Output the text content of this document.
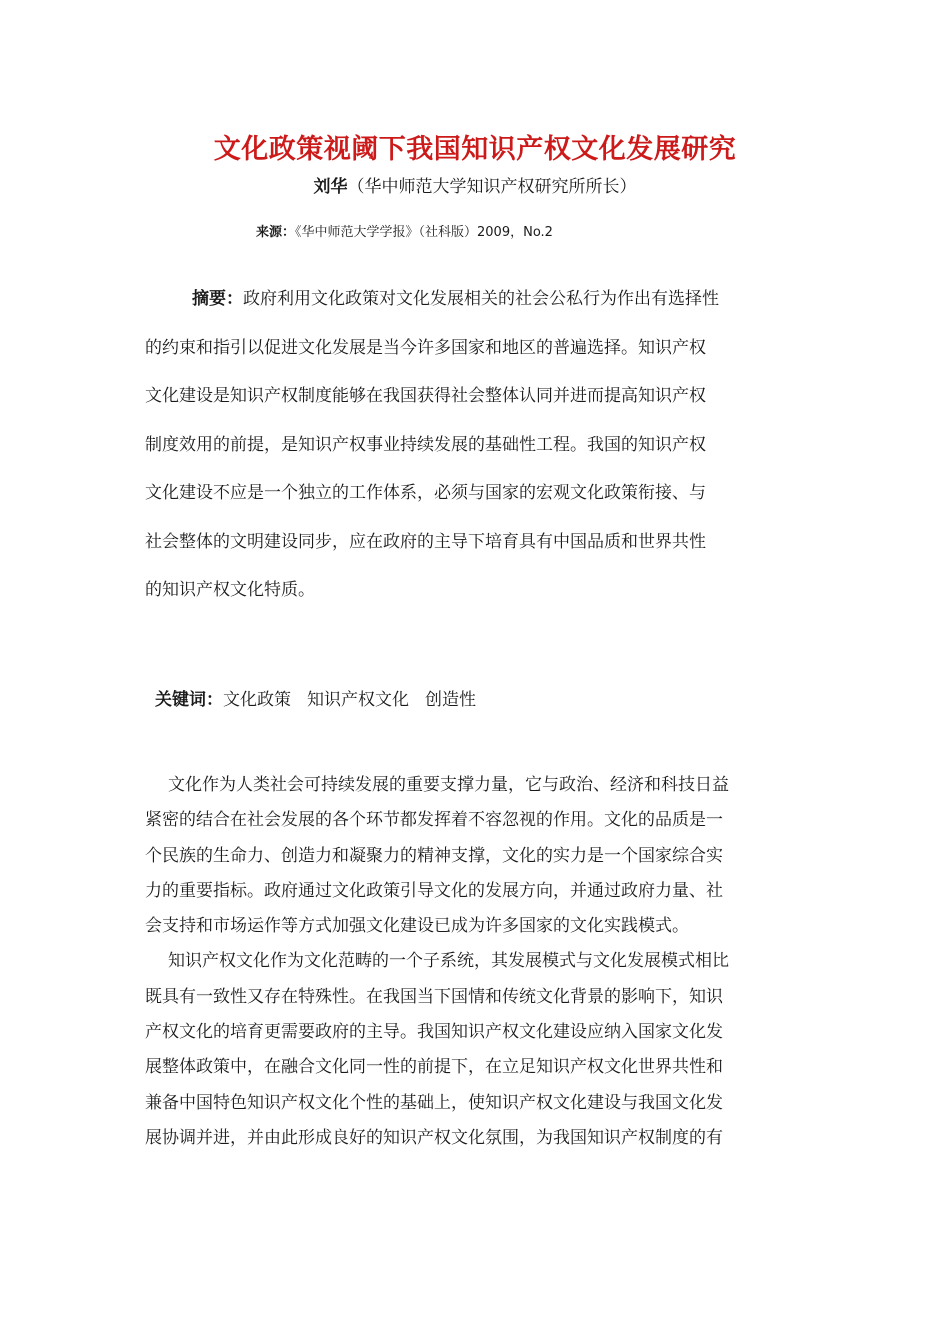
文化政策视阈下我国知识产权文化发展研究
刘华（华中师范大学知识产权研究所所长）
来源：《华中师范大学学报》（社科版）2009，No.2
摘要：政府利用文化政策对文化发展相关的社会公私行为作出有选择性
的约束和指引以促进文化发展是当今许多国家和地区的普遍选择。知识产权
文化建设是知识产权制度能够在我国获得社会整体认同并进而提高知识产权
制度效用的前提，是知识产权事业持续发展的基础性工程。我国的知识产权
文化建设不应是一个独立的工作体系，必须与国家的宏观文化政策衔接、与
社会整体的文明建设同步，应在政府的主导下培育具有中国品质和世界共性
的知识产权文化特质。
关键词：文化政策 知识产权文化 创造性
文化作为人类社会可持续发展的重要支撑力量，它与政治、经济和科技日益
紧密的结合在社会发展的各个环节都发挥着不容忽视的作用。文化的品质是一
个民族的生命力、创造力和凝聚力的精神支撑，文化的实力是一个国家综合实
力的重要指标。政府通过文化政策引导文化的发展方向，并通过政府力量、社
会支持和市场运作等方式加强文化建设已成为许多国家的文化实践模式。
知识产权文化作为文化范畴的一个子系统，其发展模式与文化发展模式相比
既具有一致性又存在特殊性。在我国当下国情和传统文化背景的影响下，知识
产权文化的培育更需要政府的主导。我国知识产权文化建设应纳入国家文化发
展整体政策中，在融合文化同一性的前提下，在立足知识产权文化世界共性和
兼备中国特色知识产权文化个性的基础上，使知识产权文化建设与我国文化发
展协调并进，并由此形成良好的知识产权文化氛围，为我国知识产权制度的有
